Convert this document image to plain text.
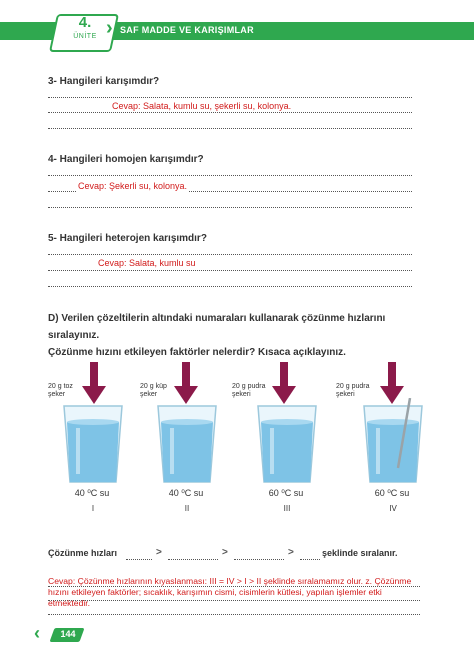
‹	4.
ÜNİTE › SAF MADDE VE KARIŞIMLAR
3- Hangileri karışımdır?
Cevap: Salata, kumlu su, şekerli su, kolonya.
4- Hangileri homojen karışımdır?
Cevap: Şekerli su, kolonya.
5- Hangileri heterojen karışımdır?
Cevap: Salata, kumlu su
D) Verilen çözeltilerin altındaki numaraları kullanarak çözünme hızlarını sıralayınız.
Çözünme hızını etkileyen faktörler nelerdir? Kısaca açıklayınız.
20 g toz
şeker
40 ⁰C su
I
20 g küp
şeker
40 ⁰C su
II
20 g pudra
şekeri
60 ⁰C su
III
20 g pudra
şekeri
60 ⁰C su
IV
Çözünme hızları	>	>	>	şeklinde sıralanır.
Cevap: Çözünme hızlarının kıyaslanması: III = IV > I > II şeklinde sıralamamız olur. z. Çözünme hızını etkileyen faktörler; sıcaklık, karışımın cismi, cisimlerin kütlesi, yapılan işlemler etki etmektedir.
‹	144
